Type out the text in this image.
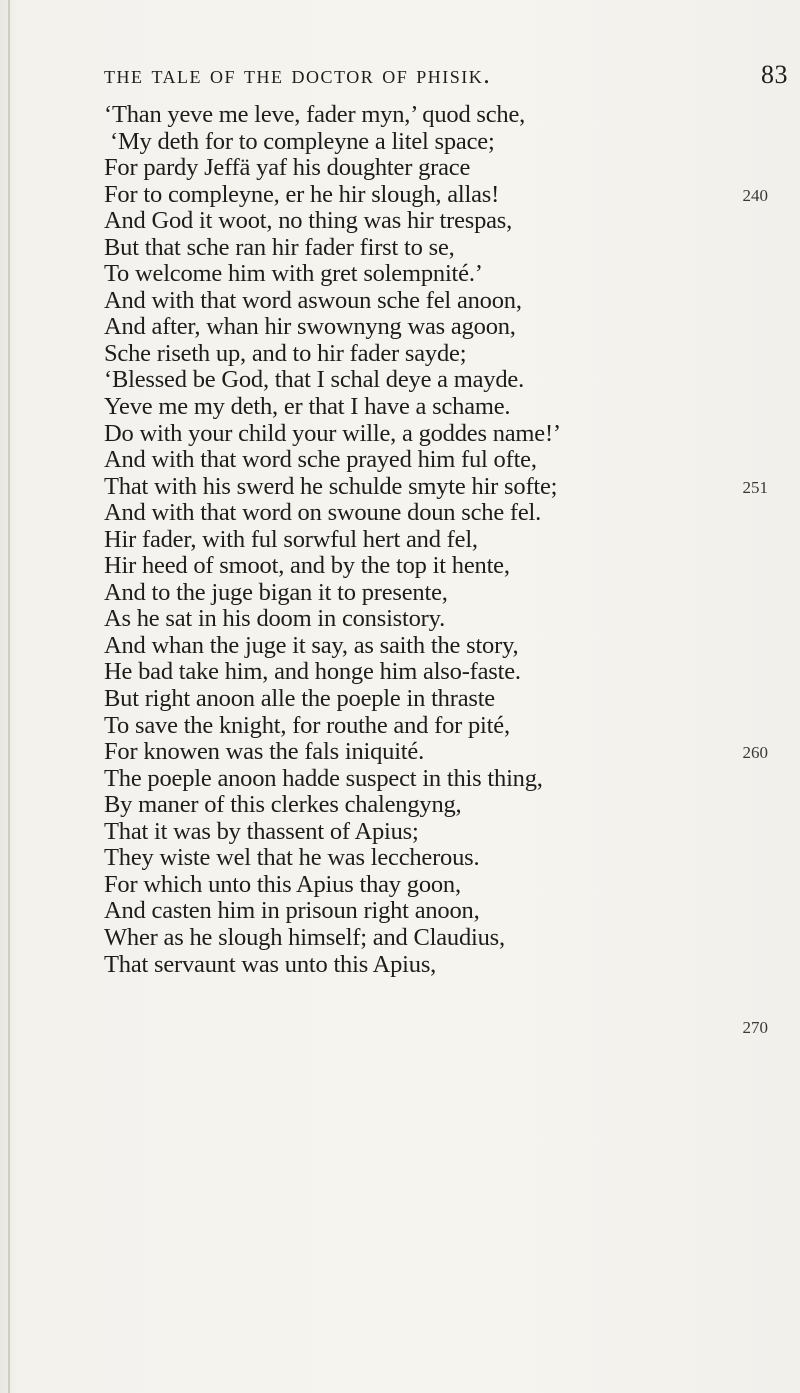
the tale of the doctor of phisik.	83
‘Than yeve me leve, fader myn,’ quod sche,
‘My deth for to compleyne a litel space;
For pardy Jeffä yaf his doughter grace
For to compleyne, er he hir slough, allas!
And God it woot, no thing was hir trespas,
But that sche ran hir fader first to se,
To welcome him with gret solempnité.’
And with that word aswoun sche fel anoon,
And after, whan hir swownyng was agoon,
Sche riseth up, and to hir fader sayde;
‘Blessed be God, that I schal deye a mayde.
Yeve me my deth, er that I have a schame.
Do with your child your wille, a goddes name!’
And with that word sche prayed him ful ofte,
That with his swerd he schulde smyte hir softe;
And with that word on swoune doun sche fel.
Hir fader, with ful sorwful hert and fel,
Hir heed of smoot, and by the top it hente,
And to the juge bigan it to presente,
As he sat in his doom in consistory.
And whan the juge it say, as saith the story,
He bad take him, and honge him also-faste.
But right anoon alle the poeple in thraste
To save the knight, for routhe and for pité,
For knowen was the fals iniquité.
The poeple anoon hadde suspect in this thing,
By maner of this clerkes chalengyng,
That it was by thassent of Apius;
They wiste wel that he was leccherous.
For which unto this Apius thay goon,
And casten him in prisoun right anoon,
Wher as he slough himself; and Claudius,
That servaunt was unto this Apius,
240
251
260
270
